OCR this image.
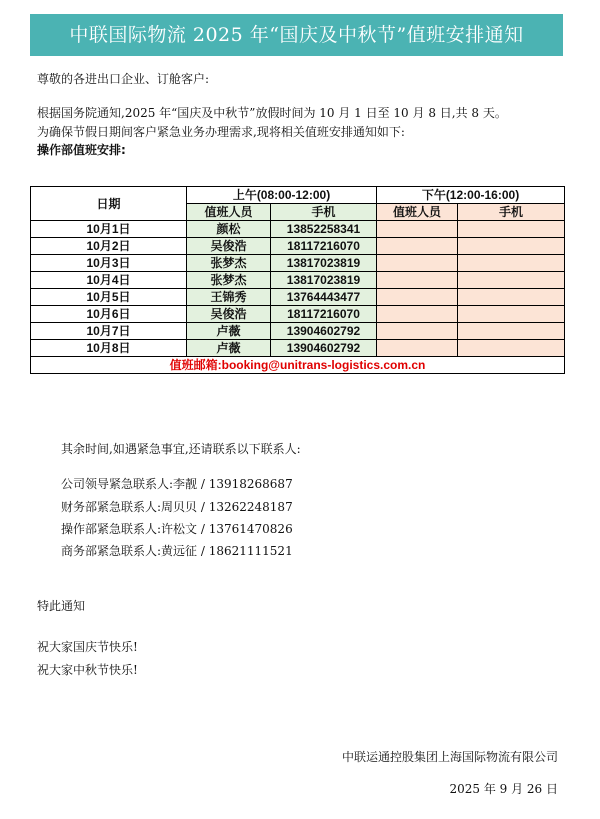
中联国际物流 2025 年“国庆及中秋节”值班安排通知
尊敬的各进出口企业、订舱客户:
根据国务院通知,2025 年“国庆及中秋节”放假时间为 10 月 1 日至 10 月 8 日,共 8 天。
为确保节假日期间客户紧急业务办理需求,现将相关值班安排通知如下:
操作部值班安排:
日期	上午(08:00-12:00)		下午(12:00-16:00)	
	值班人员	手机	值班人员	手机
10月1日	颜松	13852258341		
10月2日	吴俊浩	18117216070		
10月3日	张梦杰	13817023819		
10月4日	张梦杰	13817023819		
10月5日	王锦秀	13764443477		
10月6日	吴俊浩	18117216070		
10月7日	卢薇	13904602792		
10月8日	卢薇	13904602792		
值班邮箱:booking@unitrans-logistics.com.cn				
其余时间,如遇紧急事宜,还请联系以下联系人:
公司领导紧急联系人:李靓 / 13918268687
财务部紧急联系人:周贝贝 / 13262248187
操作部紧急联系人:许松文 / 13761470826
商务部紧急联系人:黄远征 / 18621111521
特此通知
祝大家国庆节快乐!
祝大家中秋节快乐!
中联运通控股集团上海国际物流有限公司
2025 年 9 月 26 日
